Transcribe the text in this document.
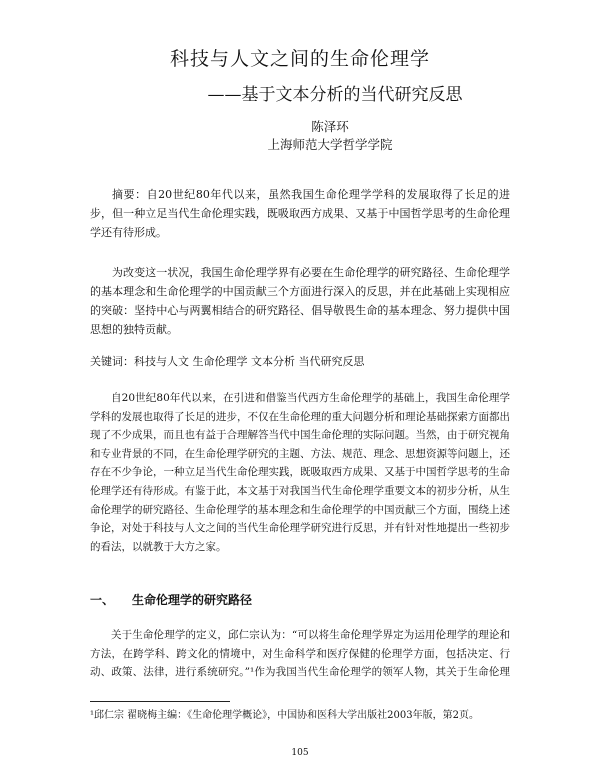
科技与人文之间的生命伦理学
——基于文本分析的当代研究反思
陈泽环
上海师范大学哲学学院

摘要：自20世纪80年代以来，虽然我国生命伦理学学科的发展取得了长足的进步，但一种立足当代生命伦理实践，既吸取西方成果、又基于中国哲学思考的生命伦理学还有待形成。

为改变这一状况，我国生命伦理学界有必要在生命伦理学的研究路径、生命伦理学的基本理念和生命伦理学的中国贡献三个方面进行深入的反思，并在此基础上实现相应的突破：坚持中心与两翼相结合的研究路径、倡导敬畏生命的基本理念、努力提供中国思想的独特贡献。

关键词：科技与人文 生命伦理学 文本分析 当代研究反思

自20世纪80年代以来，在引进和借鉴当代西方生命伦理学的基础上，我国生命伦理学学科的发展也取得了长足的进步，不仅在生命伦理的重大问题分析和理论基础探索方面都出现了不少成果，而且也有益于合理解答当代中国生命伦理的实际问题。当然，由于研究视角和专业背景的不同，在生命伦理学研究的主题、方法、规范、理念、思想资源等问题上，还存在不少争论，一种立足当代生命伦理实践，既吸取西方成果、又基于中国哲学思考的生命伦理学还有待形成。有鉴于此，本文基于对我国当代生命伦理学重要文本的初步分析，从生命伦理学的研究路径、生命伦理学的基本理念和生命伦理学的中国贡献三个方面，围绕上述争论，对处于科技与人文之间的当代生命伦理学研究进行反思，并有针对性地提出一些初步的看法，以就教于大方之家。

一、 生命伦理学的研究路径

关于生命伦理学的定义，邱仁宗认为：“可以将生命伦理学界定为运用伦理学的理论和方法，在跨学科、跨文化的情境中，对生命科学和医疗保健的伦理学方面，包括决定、行动、政策、法律，进行系统研究。”¹作为我国当代生命伦理学的领军人物，其关于生命伦理

¹邱仁宗 翟晓梅主编：《生命伦理学概论》，中国协和医科大学出版社2003年版，第2页。

105
